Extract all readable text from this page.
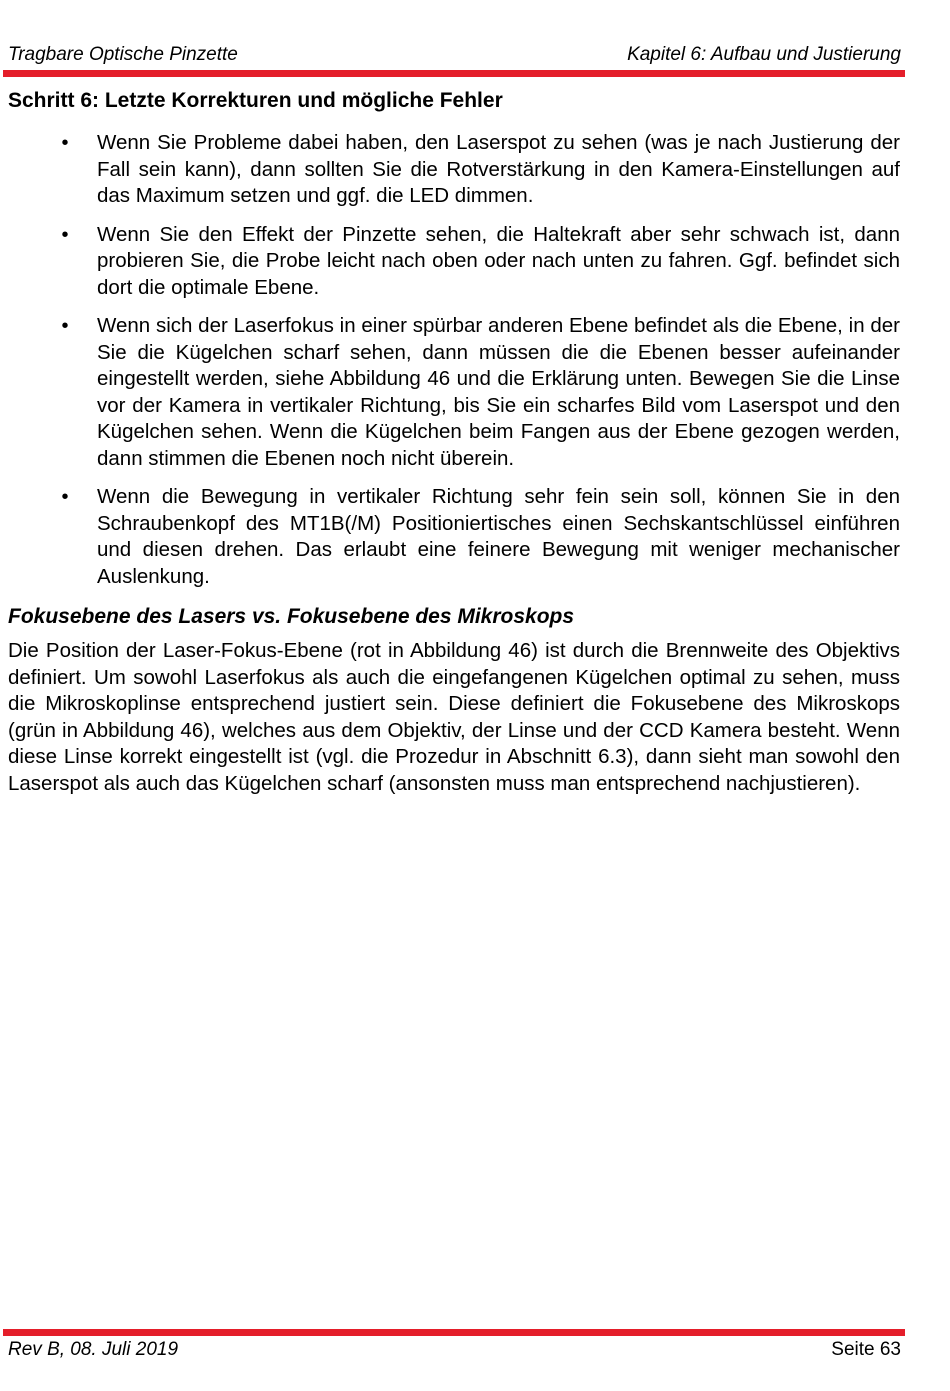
Tragbare Optische Pinzette	Kapitel 6: Aufbau und Justierung
Schritt 6: Letzte Korrekturen und mögliche Fehler
•	Wenn Sie Probleme dabei haben, den Laserspot zu sehen (was je nach Justierung der Fall sein kann), dann sollten Sie die Rotverstärkung in den Kamera-Einstellungen auf das Maximum setzen und ggf. die LED dimmen.
•	Wenn Sie den Effekt der Pinzette sehen, die Haltekraft aber sehr schwach ist, dann probieren Sie, die Probe leicht nach oben oder nach unten zu fahren. Ggf. befindet sich dort die optimale Ebene.
•	Wenn sich der Laserfokus in einer spürbar anderen Ebene befindet als die Ebene, in der Sie die Kügelchen scharf sehen, dann müssen die die Ebenen besser aufeinander eingestellt werden, siehe Abbildung 46 und die Erklärung unten. Bewegen Sie die Linse vor der Kamera in vertikaler Richtung, bis Sie ein scharfes Bild vom Laserspot und den Kügelchen sehen. Wenn die Kügelchen beim Fangen aus der Ebene gezogen werden, dann stimmen die Ebenen noch nicht überein.
•	Wenn die Bewegung in vertikaler Richtung sehr fein sein soll, können Sie in den Schraubenkopf des MT1B(/M) Positioniertisches einen Sechskantschlüssel einführen und diesen drehen. Das erlaubt eine feinere Bewegung mit weniger mechanischer Auslenkung.
Fokusebene des Lasers vs. Fokusebene des Mikroskops

Die Position der Laser-Fokus-Ebene (rot in Abbildung 46) ist durch die Brennweite des Objektivs definiert. Um sowohl Laserfokus als auch die eingefangenen Kügelchen optimal zu sehen, muss die Mikroskoplinse entsprechend justiert sein. Diese definiert die Fokusebene des Mikroskops (grün in Abbildung 46), welches aus dem Objektiv, der Linse und der CCD Kamera besteht. Wenn diese Linse korrekt eingestellt ist (vgl. die Prozedur in Abschnitt 6.3), dann sieht man sowohl den Laserspot als auch das Kügelchen scharf (ansonsten muss man entsprechend nachjustieren).

Rev B, 08. Juli 2019	Seite 63
